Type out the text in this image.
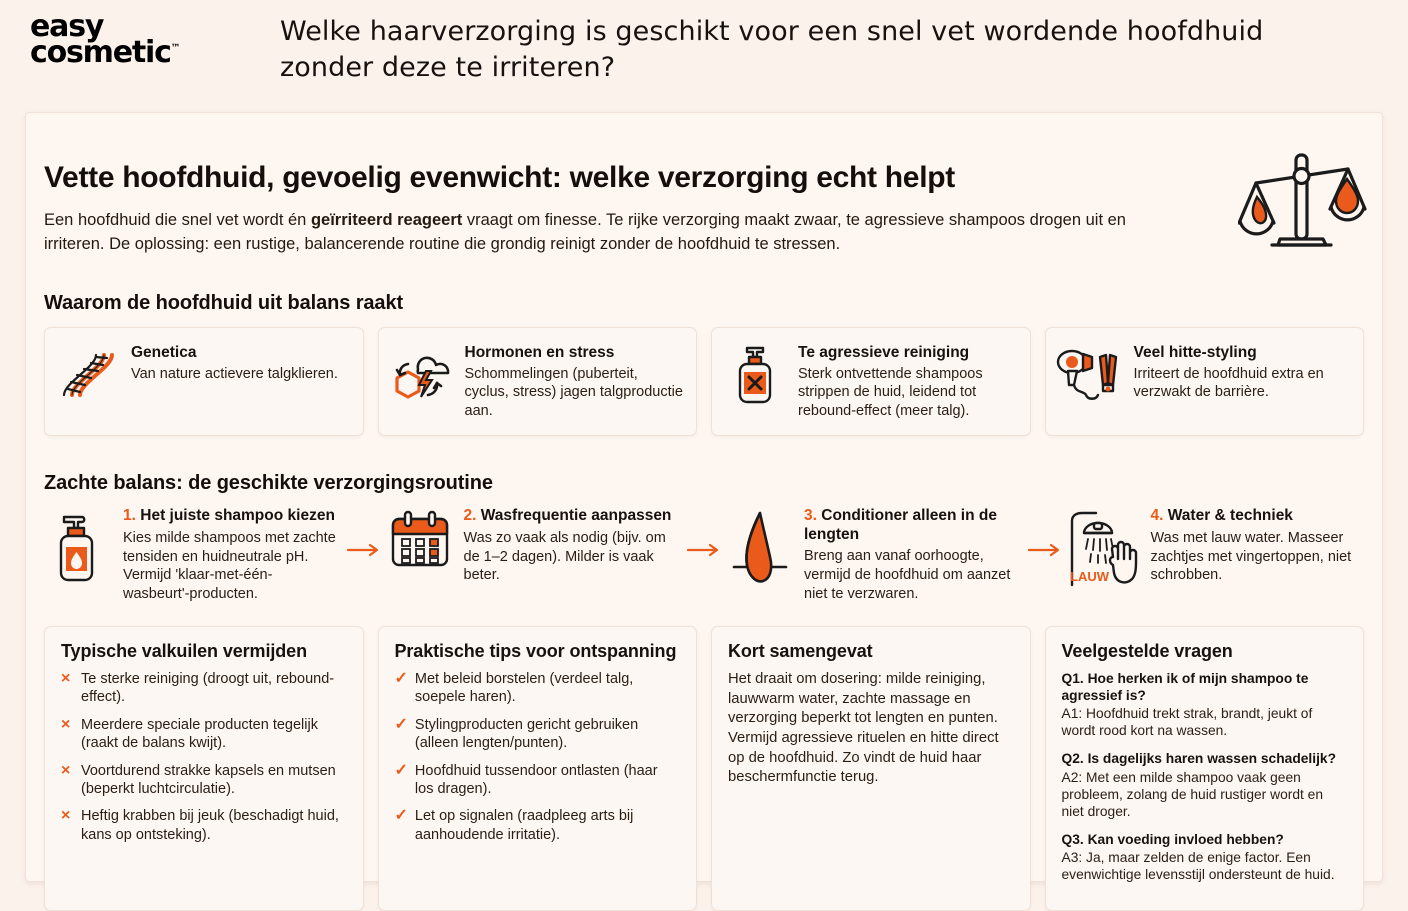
easy
cosmetic™
Welke haarverzorging is geschikt voor een snel vet wordende hoofdhuid zonder deze te irriteren?
Vette hoofdhuid, gevoelig evenwicht: welke verzorging echt helpt

Een hoofdhuid die snel vet wordt én geïrriteerd reageert vraagt om finesse. Te rijke verzorging maakt zwaar, te agressieve shampoos drogen uit en irriteren. De oplossing: een rustige, balancerende routine die grondig reinigt zonder de hoofdhuid te stressen.

Waarom de hoofdhuid uit balans raakt
Genetica
Van nature actievere talgklieren.
Hormonen en stress
Schommelingen (puberteit, cyclus, stress) jagen talgproductie aan.
Te agressieve reiniging
Sterk ontvettende shampoos strippen de huid, leidend tot rebound-effect (meer talg).
Veel hitte-styling
Irriteert de hoofdhuid extra en verzwakt de barrière.
Zachte balans: de geschikte verzorgingsroutine
1. Het juiste shampoo kiezen
Kies milde shampoos met zachte tensiden en huidneutrale pH. Vermijd 'klaar-met-één-wasbeurt'-producten.
2. Wasfrequentie aanpassen
Was zo vaak als nodig (bijv. om de 1–2 dagen). Milder is vaak beter.
3. Conditioner alleen in de lengten
Breng aan vanaf oorhoogte, vermijd de hoofdhuid om aanzet niet te verzwaren.
LAUW
4. Water & techniek
Was met lauw water. Masseer zachtjes met vingertoppen, niet schrobben.
Typische valkuilen vermijden
× Te sterke reiniging (droogt uit, rebound-effect).
× Meerdere speciale producten tegelijk (raakt de balans kwijt).
× Voortdurend strakke kapsels en mutsen (beperkt luchtcirculatie).
× Heftig krabben bij jeuk (beschadigt huid, kans op ontsteking).
Praktische tips voor ontspanning
✓ Met beleid borstelen (verdeel talg, soepele haren).
✓ Stylingproducten gericht gebruiken (alleen lengten/punten).
✓ Hoofdhuid tussendoor ontlasten (haar los dragen).
✓ Let op signalen (raadpleeg arts bij aanhoudende irritatie).
Kort samengevat
Het draait om dosering: milde reiniging, lauwwarm water, zachte massage en verzorging beperkt tot lengten en punten. Vermijd agressieve rituelen en hitte direct op de hoofdhuid. Zo vindt de huid haar beschermfunctie terug.
Veelgestelde vragen
Q1. Hoe herken ik of mijn shampoo te agressief is?
A1: Hoofdhuid trekt strak, brandt, jeukt of wordt rood kort na wassen.
Q2. Is dagelijks haren wassen schadelijk?
A2: Met een milde shampoo vaak geen probleem, zolang de huid rustiger wordt en niet droger.
Q3. Kan voeding invloed hebben?
A3: Ja, maar zelden de enige factor. Een evenwichtige levensstijl ondersteunt de huid.
